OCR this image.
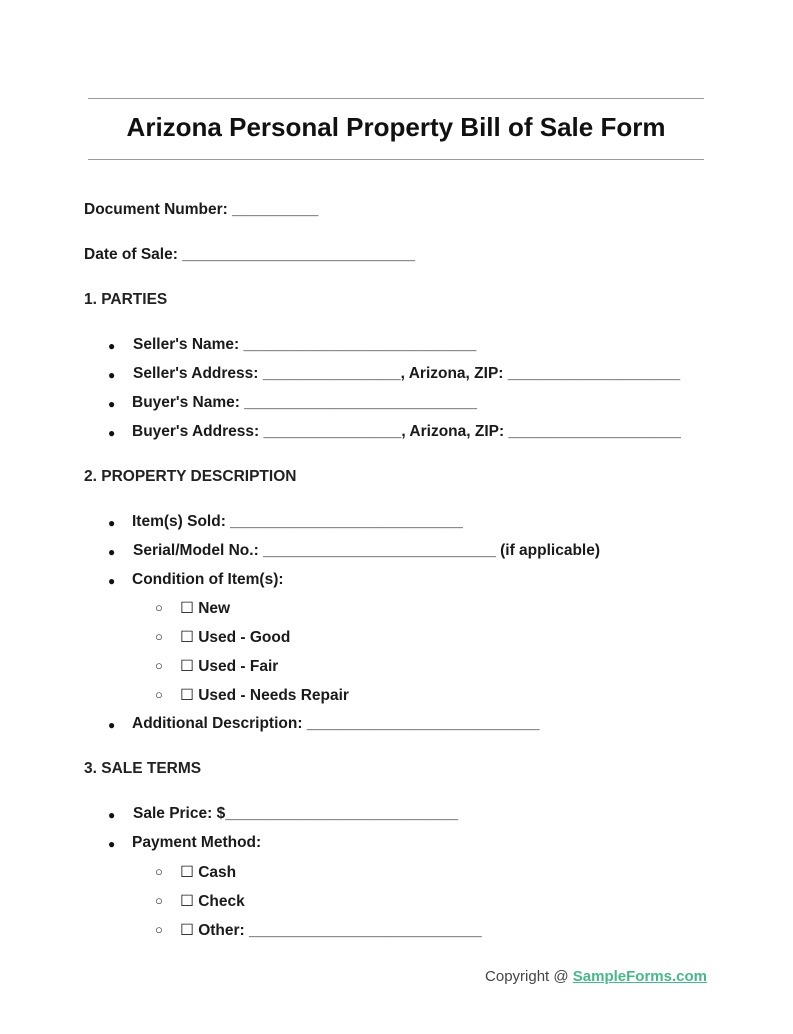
Arizona Personal Property Bill of Sale Form
Document Number: __________
Date of Sale: ___________________________
1. PARTIES
● Seller's Name: ___________________________
● Seller's Address: ________________, Arizona, ZIP: ____________________
● Buyer's Name: ___________________________
● Buyer's Address: ________________, Arizona, ZIP: ____________________
2. PROPERTY DESCRIPTION
● Item(s) Sold: ___________________________
● Serial/Model No.: ___________________________ (if applicable)
● Condition of Item(s):
○ ☐ New
○ ☐ Used - Good
○ ☐ Used - Fair
○ ☐ Used - Needs Repair
● Additional Description: ___________________________
3. SALE TERMS
● Sale Price: $___________________________
● Payment Method:
○ ☐ Cash
○ ☐ Check
○ ☐ Other: ___________________________
Copyright @ SampleForms.com
